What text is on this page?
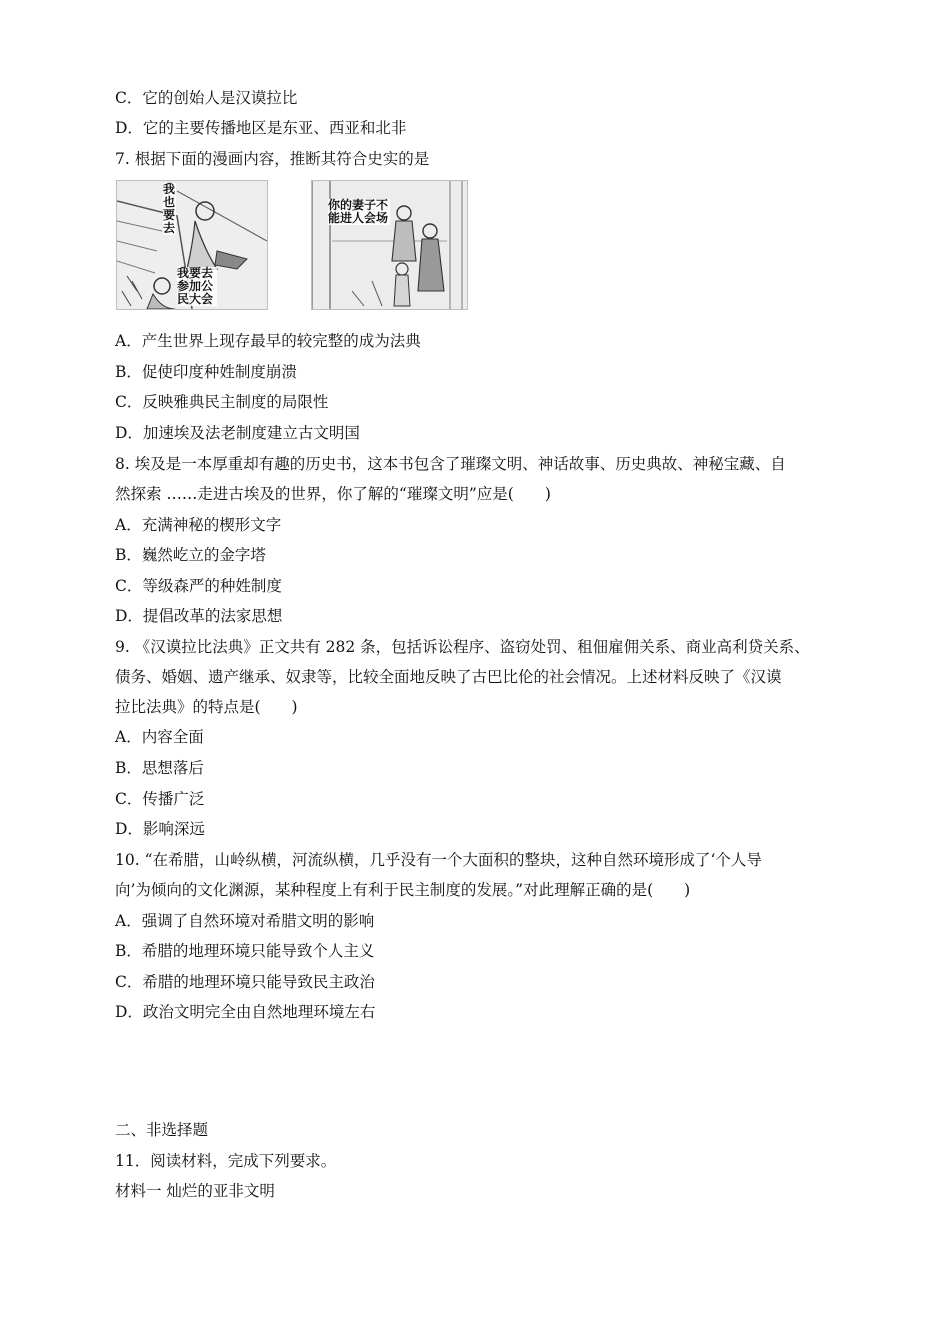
C．它的创始人是汉谟拉比
D．它的主要传播地区是东亚、西亚和北非
7. 根据下面的漫画内容，推断其符合史实的是
我也要去
我要去参加公民大会
你的妻子不能进人会场
A．产生世界上现存最早的较完整的成为法典
B．促使印度种姓制度崩溃
C．反映雅典民主制度的局限性
D．加速埃及法老制度建立古文明国
8. 埃及是一本厚重却有趣的历史书，这本书包含了璀璨文明、神话故事、历史典故、神秘宝藏、自
然探索 ……走进古埃及的世界，你了解的“璀璨文明”应是(　　)
A．充满神秘的楔形文字
B．巍然屹立的金字塔
C．等级森严的种姓制度
D．提倡改革的法家思想
9. 《汉谟拉比法典》正文共有 282 条，包括诉讼程序、盗窃处罚、租佃雇佣关系、商业高利贷关系、
债务、婚姻、遗产继承、奴隶等，比较全面地反映了古巴比伦的社会情况。上述材料反映了《汉谟
拉比法典》的特点是(　　)
A．内容全面
B．思想落后
C．传播广泛
D．影响深远
10. “在希腊，山岭纵横，河流纵横，几乎没有一个大面积的整块，这种自然环境形成了‘个人导
向’为倾向的文化渊源，某种程度上有利于民主制度的发展。”对此理解正确的是(　　)
A．强调了自然环境对希腊文明的影响
B．希腊的地理环境只能导致个人主义
C．希腊的地理环境只能导致民主政治
D．政治文明完全由自然地理环境左右
二、非选择题
11．阅读材料，完成下列要求。
材料一 灿烂的亚非文明
